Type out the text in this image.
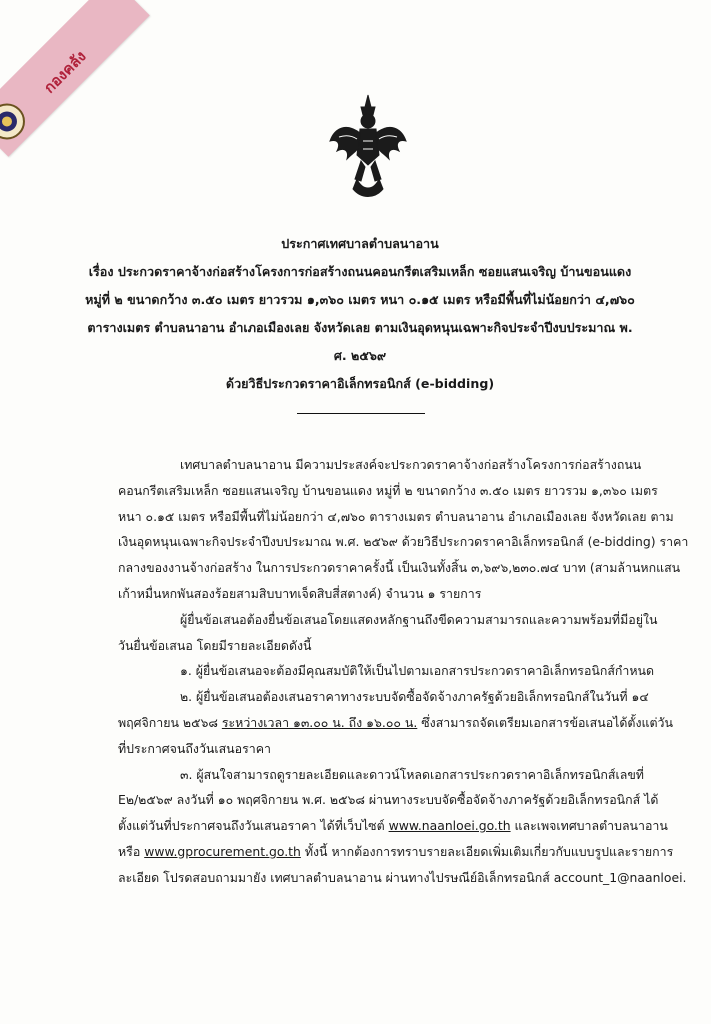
กองคลัง
ประกาศเทศบาลตำบลนาอาน
เรื่อง ประกวดราคาจ้างก่อสร้างโครงการก่อสร้างถนนคอนกรีตเสริมเหล็ก ซอยแสนเจริญ บ้านขอนแดง
หมู่ที่ ๒ ขนาดกว้าง ๓.๕๐ เมตร ยาวรวม ๑,๓๖๐ เมตร หนา ๐.๑๕ เมตร หรือมีพื้นที่ไม่น้อยกว่า ๔,๗๖๐
ตารางเมตร ตำบลนาอาน อำเภอเมืองเลย จังหวัดเลย ตามเงินอุดหนุนเฉพาะกิจประจำปีงบประมาณ พ.
ศ. ๒๕๖๙
ด้วยวิธีประกวดราคาอิเล็กทรอนิกส์ (e-bidding)
เทศบาลตำบลนาอาน มีความประสงค์จะประกวดราคาจ้างก่อสร้างโครงการก่อสร้างถนน
คอนกรีตเสริมเหล็ก ซอยแสนเจริญ บ้านขอนแดง หมู่ที่ ๒ ขนาดกว้าง ๓.๕๐ เมตร ยาวรวม ๑,๓๖๐ เมตร
หนา ๐.๑๕ เมตร หรือมีพื้นที่ไม่น้อยกว่า ๔,๗๖๐ ตารางเมตร ตำบลนาอาน อำเภอเมืองเลย จังหวัดเลย ตาม
เงินอุดหนุนเฉพาะกิจประจำปีงบประมาณ พ.ศ. ๒๕๖๙ ด้วยวิธีประกวดราคาอิเล็กทรอนิกส์ (e-bidding) ราคา
กลางของงานจ้างก่อสร้าง ในการประกวดราคาครั้งนี้ เป็นเงินทั้งสิ้น ๓,๖๙๖,๒๓๐.๗๔ บาท (สามล้านหกแสน
เก้าหมื่นหกพันสองร้อยสามสิบบาทเจ็ดสิบสี่สตางค์) จำนวน ๑ รายการ
ผู้ยื่นข้อเสนอต้องยื่นข้อเสนอโดยแสดงหลักฐานถึงขีดความสามารถและความพร้อมที่มีอยู่ใน
วันยื่นข้อเสนอ โดยมีรายละเอียดดังนี้
๑. ผู้ยื่นข้อเสนอจะต้องมีคุณสมบัติให้เป็นไปตามเอกสารประกวดราคาอิเล็กทรอนิกส์กำหนด
๒. ผู้ยื่นข้อเสนอต้องเสนอราคาทางระบบจัดซื้อจัดจ้างภาครัฐด้วยอิเล็กทรอนิกส์ในวันที่ ๑๔
พฤศจิกายน ๒๕๖๘ ระหว่างเวลา ๑๓.๐๐ น. ถึง ๑๖.๐๐ น. ซึ่งสามารถจัดเตรียมเอกสารข้อเสนอได้ตั้งแต่วัน
ที่ประกาศจนถึงวันเสนอราคา
๓. ผู้สนใจสามารถดูรายละเอียดและดาวน์โหลดเอกสารประกวดราคาอิเล็กทรอนิกส์เลขที่
E๒/๒๕๖๙ ลงวันที่ ๑๐ พฤศจิกายน พ.ศ. ๒๕๖๘ ผ่านทางระบบจัดซื้อจัดจ้างภาครัฐด้วยอิเล็กทรอนิกส์ ได้
ตั้งแต่วันที่ประกาศจนถึงวันเสนอราคา ได้ที่เว็บไซต์ www.naanloei.go.th และเพจเทศบาลตำบลนาอาน
หรือ www.gprocurement.go.th ทั้งนี้ หากต้องการทราบรายละเอียดเพิ่มเติมเกี่ยวกับแบบรูปและรายการ
ละเอียด โปรดสอบถามมายัง เทศบาลตำบลนาอาน ผ่านทางไปรษณีย์อิเล็กทรอนิกส์ account_1@naanloei.
